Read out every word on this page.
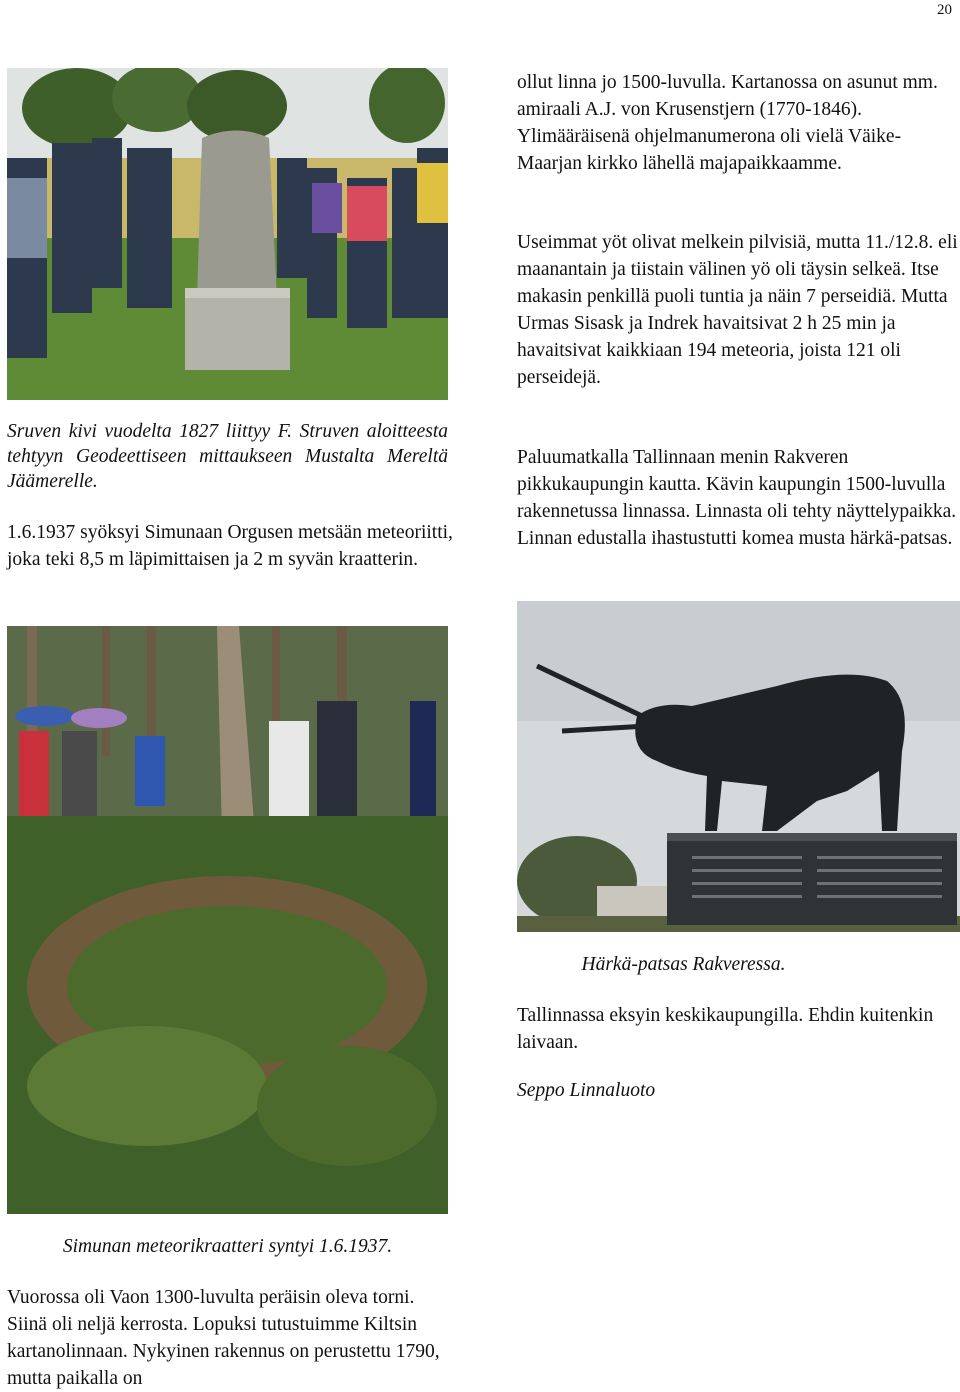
20

Sruven kivi vuodelta 1827 liittyy F. Struven aloitteesta tehtyyn Geodeettiseen mittaukseen Mustalta Mereltä Jäämerelle.

1.6.1937 syöksyi Simunaan Orgusen metsään meteoriitti, joka teki 8,5 m läpimittaisen ja 2 m syvän kraatterin.

Simunan meteorikraatteri syntyi 1.6.1937.

Vuorossa oli Vaon 1300-luvulta peräisin oleva torni. Siinä oli neljä kerrosta. Lopuksi tutustuimme Kiltsin kartanolinnaan. Nykyinen rakennus on perustettu 1790, mutta paikalla on

ollut linna jo 1500-luvulla. Kartanossa on asunut mm. amiraali A.J. von Krusenstjern (1770-1846). Ylimääräisenä ohjelmanumerona oli vielä Väike-Maarjan kirkko lähellä majapaikkaamme.

Useimmat yöt olivat melkein pilvisiä, mutta 11./12.8. eli maanantain ja tiistain välinen yö oli täysin selkeä. Itse makasin penkillä puoli tuntia ja näin 7 perseidiä. Mutta Urmas Sisask ja Indrek havaitsivat 2 h 25 min ja havaitsivat kaikkiaan 194 meteoria, joista 121 oli perseidejä.

Paluumatkalla Tallinnaan menin Rakveren pikkukaupungin kautta. Kävin kaupungin 1500-luvulla rakennetussa linnassa. Linnasta oli tehty näyttelypaikka. Linnan edustalla ihastustutti komea musta härkä-patsas.

Härkä-patsas Rakveressa.

Tallinnassa eksyin keskikaupungilla. Ehdin kuitenkin laivaan.

Seppo Linnaluoto
